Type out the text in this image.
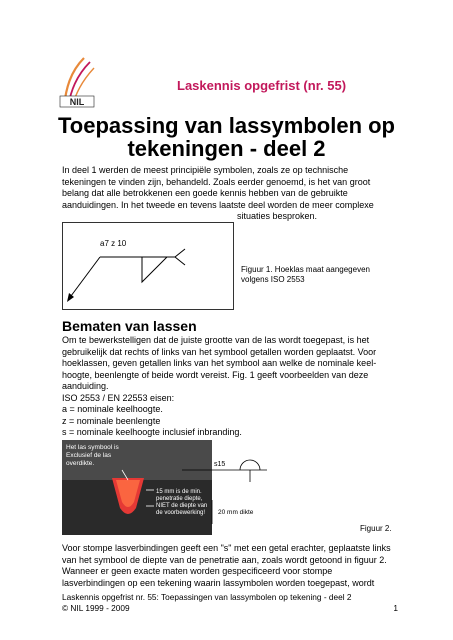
NIL
Laskennis opgefrist (nr. 55)
Toepassing van lassymbolen op
tekeningen - deel 2

In deel 1 werden de meest principiële symbolen, zoals ze op technische

tekeningen te vinden zijn, behandeld. Zoals eerder genoemd, is het van groot

belang dat alle betrokkenen een goede kennis hebben van de gebruikte

aanduidingen. In het tweede en tevens laatste deel worden de meer complexe

situaties besproken.

a7 z 10
Figuur 1. Hoeklas maat aangegeven
volgens ISO 2553
Bematen van lassen

Om te bewerkstelligen dat de juiste grootte van de las wordt toegepast, is het

gebruikelijk dat rechts of links van het symbool getallen worden geplaatst. Voor

hoeklassen, geven getallen links van het symbool aan welke de nominale keel-

hoogte, beenlengte of beide wordt vereist. Fig. 1 geeft voorbeelden van deze

aanduiding.

ISO 2553 / EN 22553 eisen:

a = nominale keelhoogte.

z = nominale beenlengte

s = nominale keelhoogte inclusief inbranding.

Het las symbool is Exclusief de las overdikte.
15 mm is de min. penetratie diepte, NIET de diepte van de voorbewerking!
s15
20 mm dikte
Figuur 2.

Voor stompe lasverbindingen geeft een "s" met een getal erachter, geplaatste links

van het symbool de diepte van de penetratie aan, zoals wordt getoond in figuur 2.

Wanneer er geen exacte maten worden gespecificeerd voor stompe

lasverbindingen op een tekening waarin lassymbolen worden toegepast, wordt

Laskennis opgefrist nr. 55: Toepassingen van lassymbolen op tekening - deel 2
© NIL 1999 - 2009	1
